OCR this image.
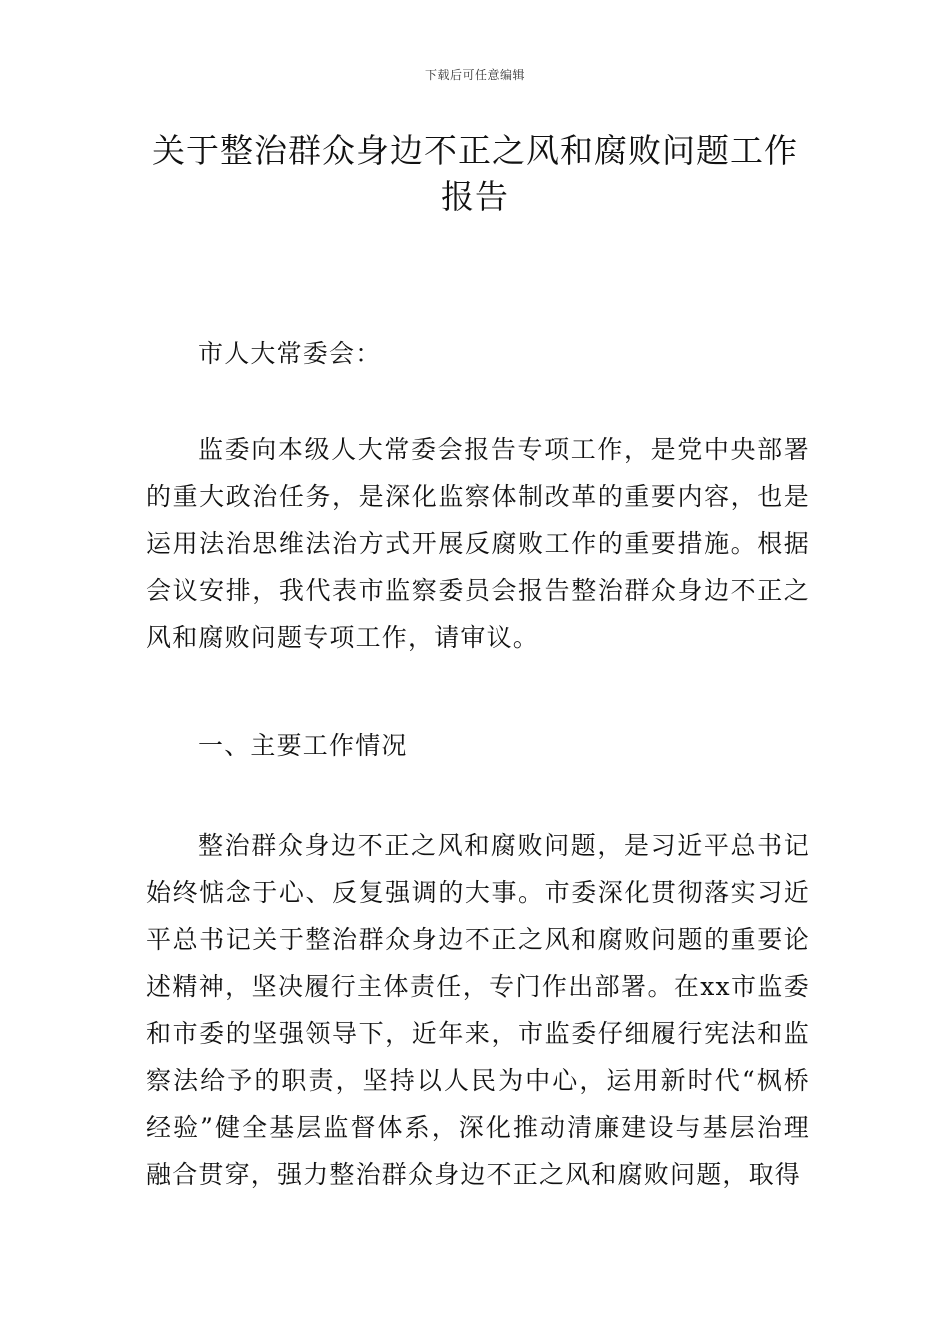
下载后可任意编辑
关于整治群众身边不正之风和腐败问题工作报告

市人大常委会：

监委向本级人大常委会报告专项工作，是党中央部署的重大政治任务，是深化监察体制改革的重要内容，也是运用法治思维法治方式开展反腐败工作的重要措施。根据会议安排，我代表市监察委员会报告整治群众身边不正之风和腐败问题专项工作，请审议。

一、主要工作情况

整治群众身边不正之风和腐败问题，是习近平总书记始终惦念于心、反复强调的大事。市委深化贯彻落实习近平总书记关于整治群众身边不正之风和腐败问题的重要论述精神，坚决履行主体责任，专门作出部署。在xx市监委和市委的坚强领导下，近年来，市监委仔细履行宪法和监察法给予的职责，坚持以人民为中心，运用新时代“枫桥经验”健全基层监督体系，深化推动清廉建设与基层治理融合贯穿，强力整治群众身边不正之风和腐败问题，取得
